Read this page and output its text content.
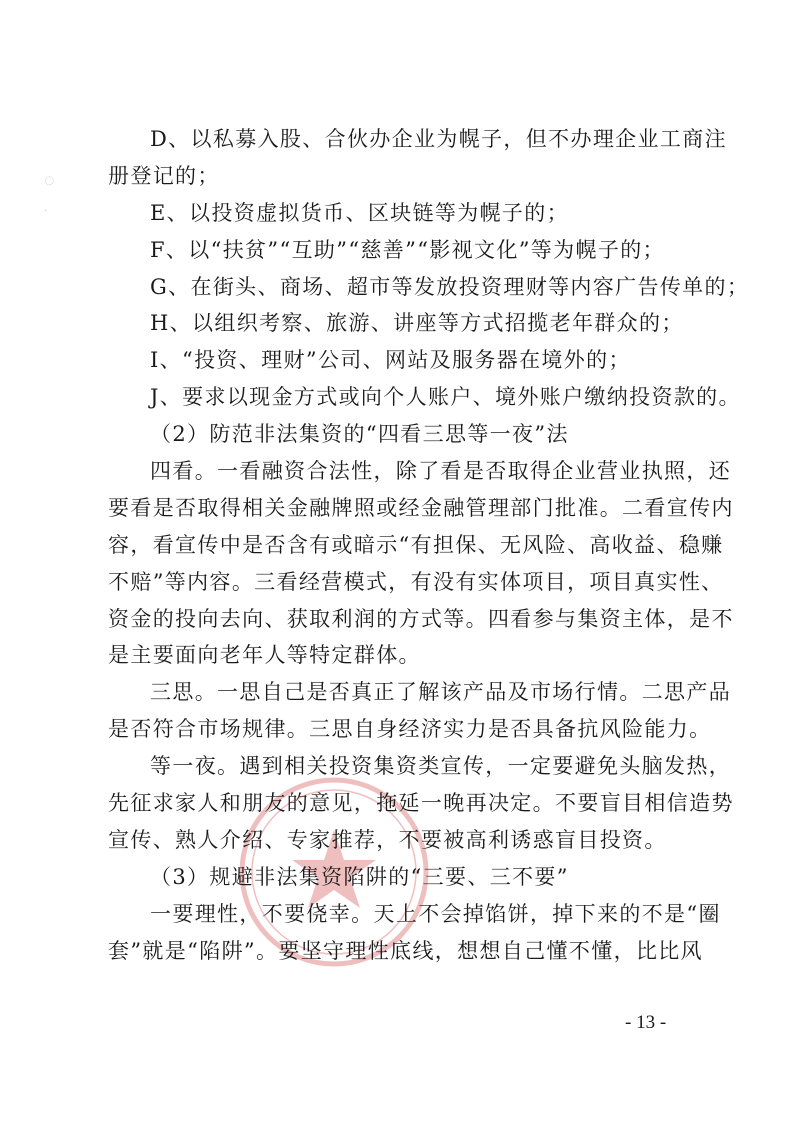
◌
·
D、以私募入股、合伙办企业为幌子，但不办理企业工商注
册登记的；
E、以投资虚拟货币、区块链等为幌子的；
F、以“扶贫”“互助”“慈善”“影视文化”等为幌子的；
G、在街头、商场、超市等发放投资理财等内容广告传单的；
H、以组织考察、旅游、讲座等方式招揽老年群众的；
I、“投资、理财”公司、网站及服务器在境外的；
J、要求以现金方式或向个人账户、境外账户缴纳投资款的。
（2）防范非法集资的“四看三思等一夜”法
四看。一看融资合法性，除了看是否取得企业营业执照，还
要看是否取得相关金融牌照或经金融管理部门批准。二看宣传内
容，看宣传中是否含有或暗示“有担保、无风险、高收益、稳赚
不赔”等内容。三看经营模式，有没有实体项目，项目真实性、
资金的投向去向、获取利润的方式等。四看参与集资主体，是不
是主要面向老年人等特定群体。
三思。一思自己是否真正了解该产品及市场行情。二思产品
是否符合市场规律。三思自身经济实力是否具备抗风险能力。
等一夜。遇到相关投资集资类宣传，一定要避免头脑发热，
先征求家人和朋友的意见，拖延一晚再决定。不要盲目相信造势
宣传、熟人介绍、专家推荐，不要被高利诱惑盲目投资。
（3）规避非法集资陷阱的“三要、三不要”
一要理性，不要侥幸。天上不会掉馅饼，掉下来的不是“圈
套”就是“陷阱”。要坚守理性底线，想想自己懂不懂，比比风
- 13 -
